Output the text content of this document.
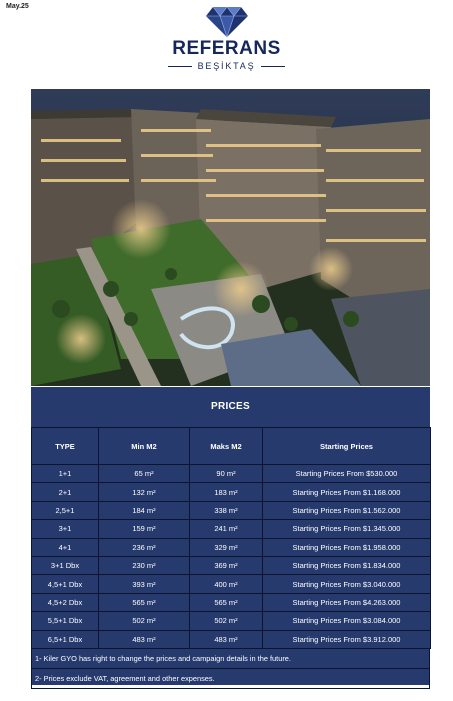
May.25
REFERANS
BEŞİKTAŞ
PRICES
TYPE	Min M2	Maks M2	Starting Prices
1+1	65 m²	90 m²	Starting Prices From $530.000
2+1	132 m²	183 m²	Starting Prices From $1.168.000
2,5+1	184 m²	338 m²	Starting Prices From $1.562.000
3+1	159 m²	241 m²	Starting Prices From $1.345.000
4+1	236 m²	329 m²	Starting Prices From $1.958.000
3+1 Dbx	230 m²	369 m²	Starting Prices From $1.834.000
4,5+1 Dbx	393 m²	400 m²	Starting Prices From $3.040.000
4,5+2 Dbx	565 m²	565 m²	Starting Prices From $4.263.000
5,5+1 Dbx	502 m²	502 m²	Starting Prices From $3.084.000
6,5+1 Dbx	483 m²	483 m²	Starting Prices From $3.912.000
1- Kiler GYO has right to change the prices and campaign details in the future.
2- Prices exclude VAT, agreement and other expenses.
